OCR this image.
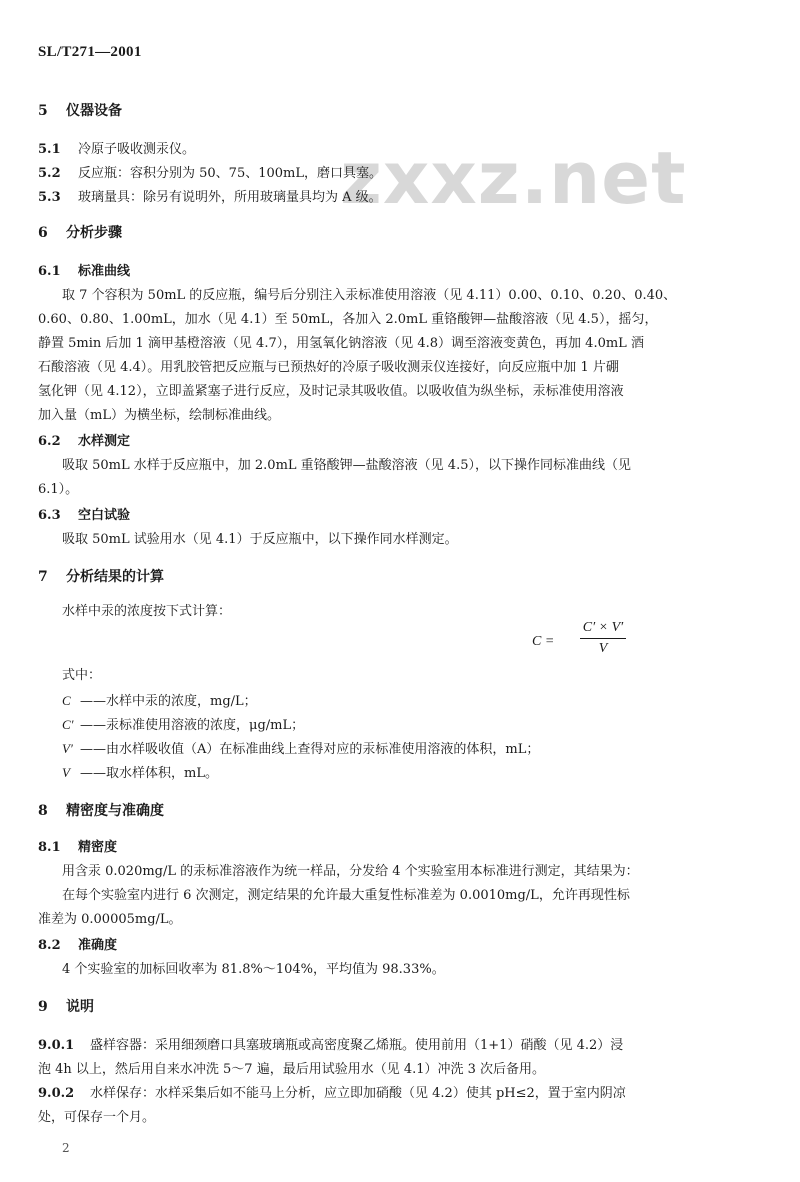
SL/T271—2001
zxxz.net
5 仪器设备
5.1 冷原子吸收测汞仪。
5.2 反应瓶：容积分别为 50、75、100mL，磨口具塞。
5.3 玻璃量具：除另有说明外，所用玻璃量具均为 A 级。
6 分析步骤
6.1 标准曲线
取 7 个容积为 50mL 的反应瓶，编号后分别注入汞标准使用溶液（见 4.11）0.00、0.10、0.20、0.40、
0.60、0.80、1.00mL，加水（见 4.1）至 50mL，各加入 2.0mL 重铬酸钾—盐酸溶液（见 4.5），摇匀，
静置 5min 后加 1 滴甲基橙溶液（见 4.7），用氢氧化钠溶液（见 4.8）调至溶液变黄色，再加 4.0mL 酒
石酸溶液（见 4.4）。用乳胶管把反应瓶与已预热好的冷原子吸收测汞仪连接好，向反应瓶中加 1 片硼
氢化钾（见 4.12），立即盖紧塞子进行反应，及时记录其吸收值。以吸收值为纵坐标，汞标准使用溶液
加入量（mL）为横坐标，绘制标准曲线。
6.2 水样测定
吸取 50mL 水样于反应瓶中，加 2.0mL 重铬酸钾—盐酸溶液（见 4.5），以下操作同标准曲线（见
6.1）。
6.3 空白试验
吸取 50mL 试验用水（见 4.1）于反应瓶中，以下操作同水样测定。
7 分析结果的计算
水样中汞的浓度按下式计算：
C =
C′ × V′
V
式中：
C ——水样中汞的浓度，mg/L；
C′ ——汞标准使用溶液的浓度，μg/mL；
V′ ——由水样吸收值（A）在标准曲线上查得对应的汞标准使用溶液的体积，mL；
V ——取水样体积，mL。
8 精密度与准确度
8.1 精密度
用含汞 0.020mg/L 的汞标准溶液作为统一样品，分发给 4 个实验室用本标准进行测定，其结果为：
在每个实验室内进行 6 次测定，测定结果的允许最大重复性标准差为 0.0010mg/L，允许再现性标
准差为 0.00005mg/L。
8.2 准确度
4 个实验室的加标回收率为 81.8%～104%，平均值为 98.33%。
9 说明
9.0.1 盛样容器：采用细颈磨口具塞玻璃瓶或高密度聚乙烯瓶。使用前用（1+1）硝酸（见 4.2）浸
泡 4h 以上，然后用自来水冲洗 5～7 遍，最后用试验用水（见 4.1）冲洗 3 次后备用。
9.0.2 水样保存：水样采集后如不能马上分析，应立即加硝酸（见 4.2）使其 pH≤2，置于室内阴凉
处，可保存一个月。
2
